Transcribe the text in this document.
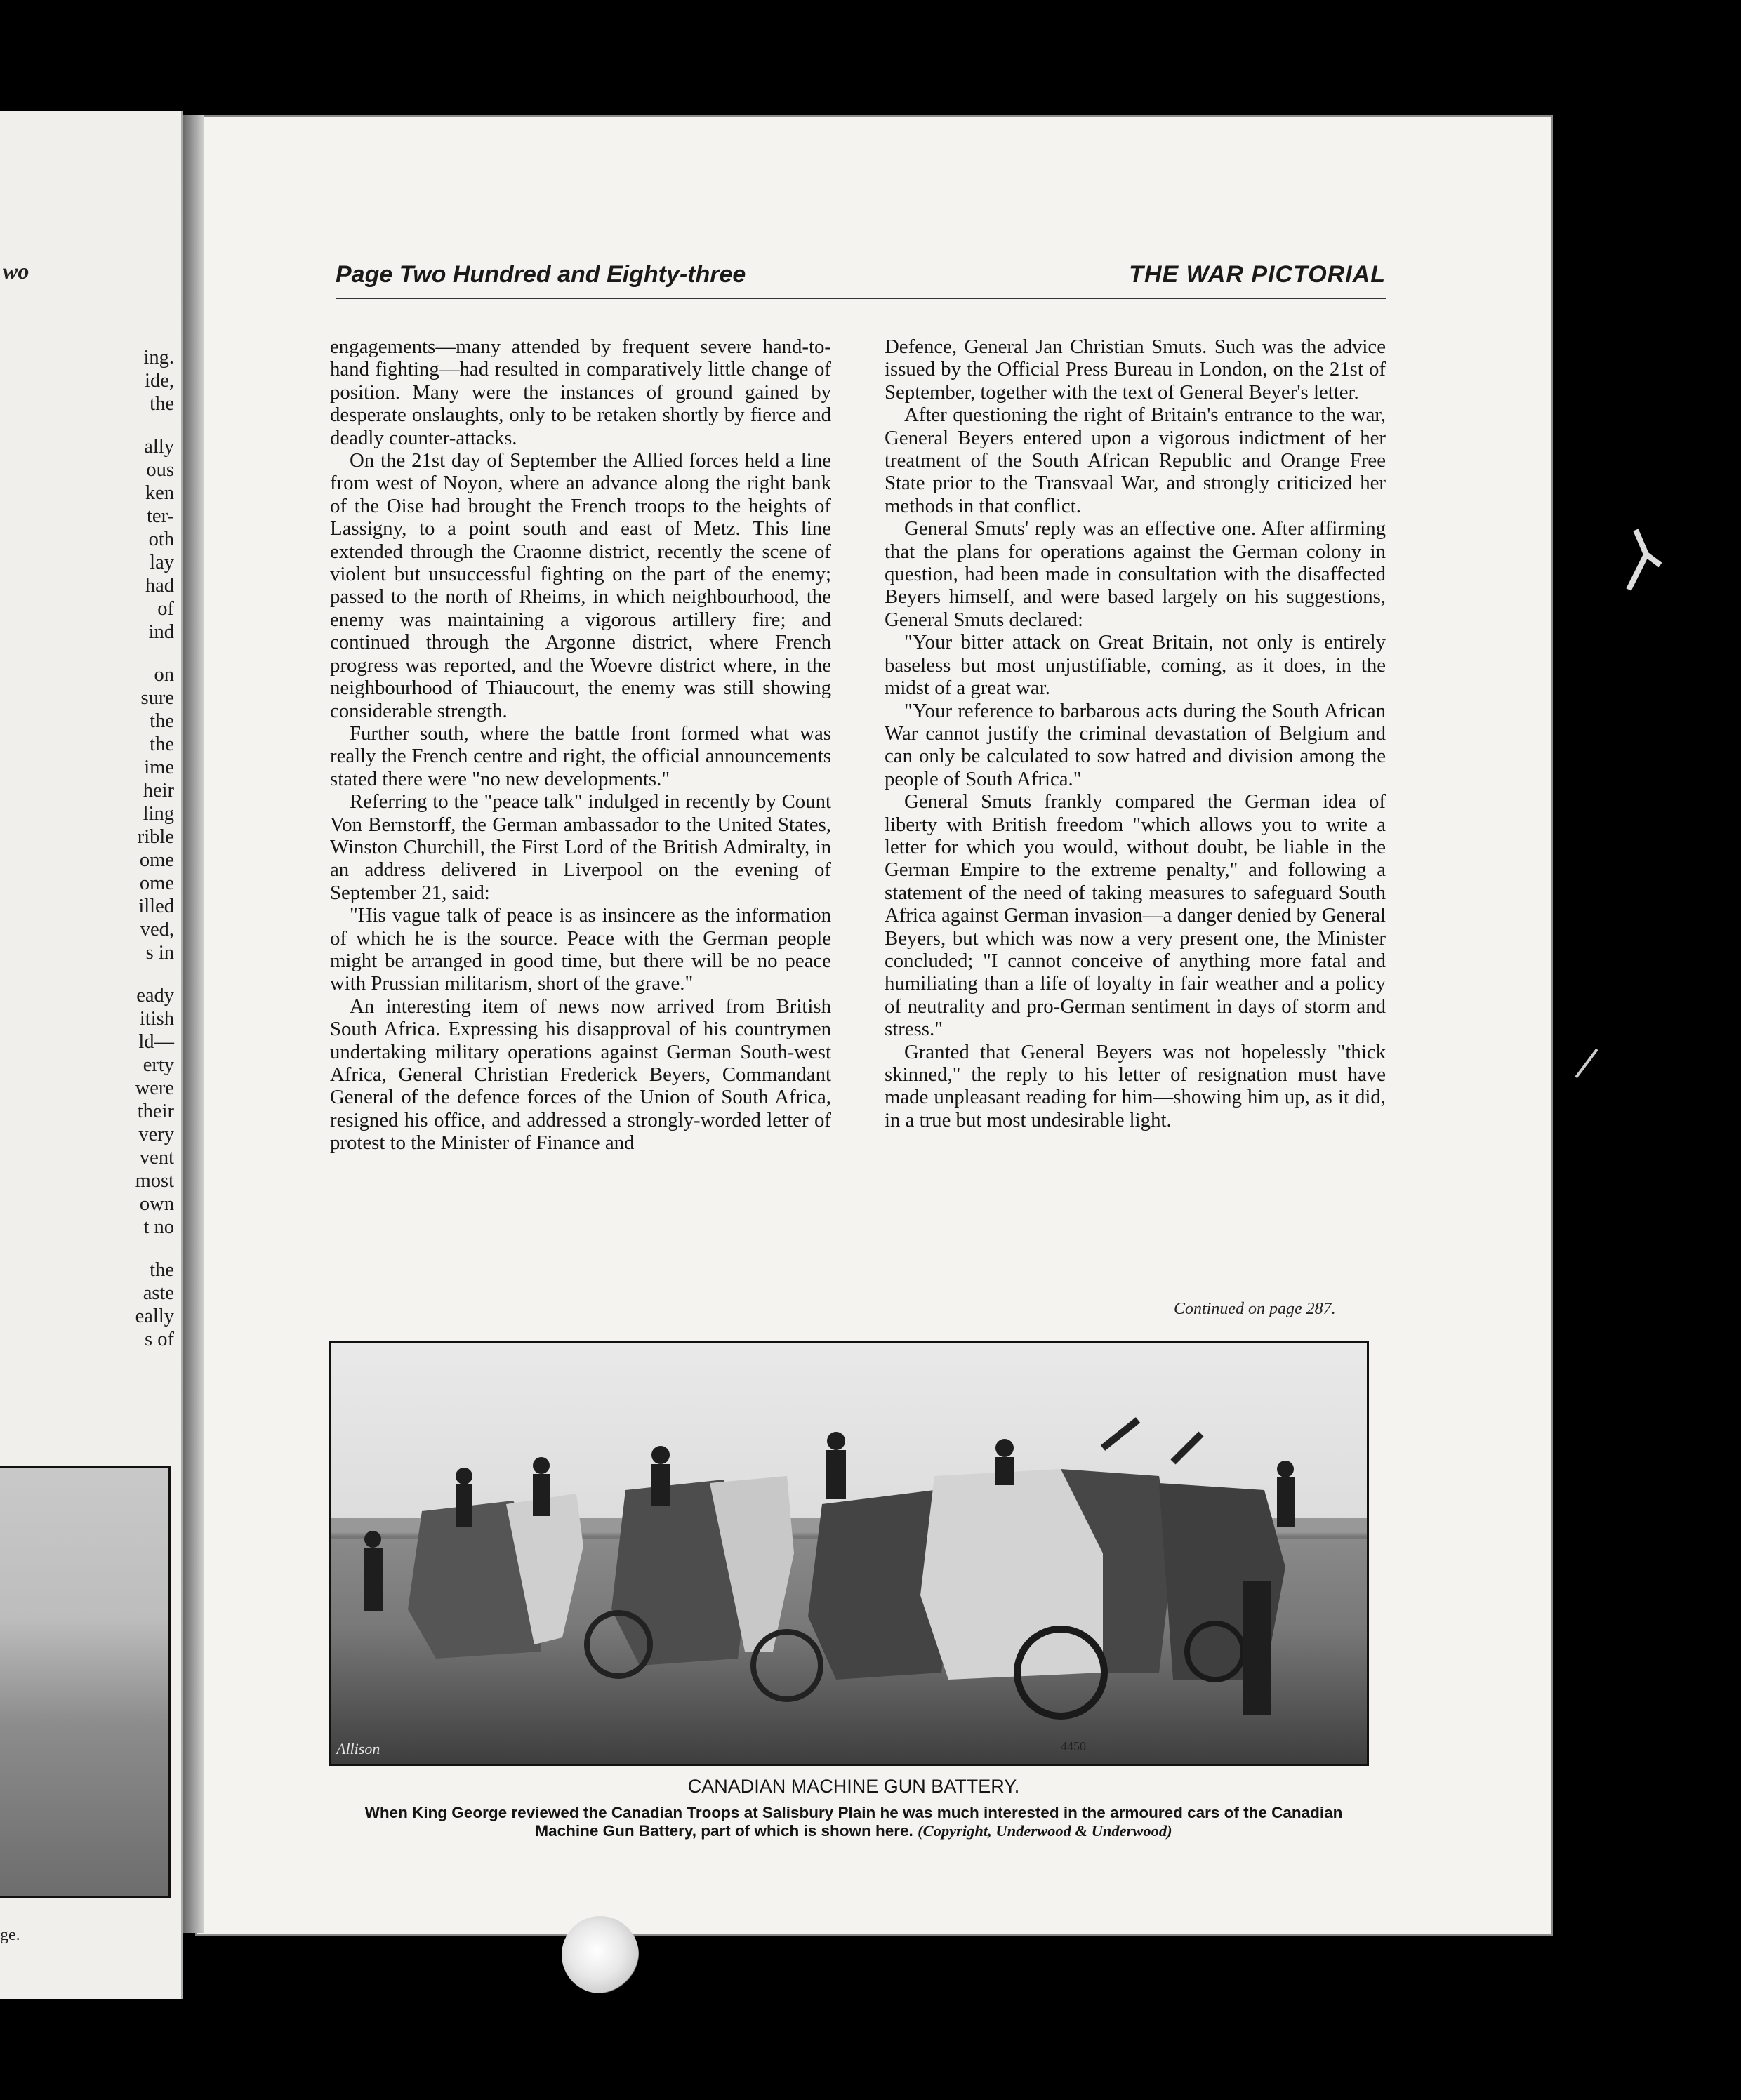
wo
ing.
ide,
the
ally
ous
ken
ter-
oth
lay
had
of
ind
on
sure
the
the
ime
heir
ling
rible
ome
ome
illed
ved,
s in
eady
itish
ld—
erty
were
their
very
vent
most
own
t no
the
aste
eally
s of
ge.
Page Two Hundred and Eighty-three	THE WAR PICTORIAL

engagements—many attended by frequent severe hand-to-hand fighting—had resulted in comparatively little change of position. Many were the instances of ground gained by desperate onslaughts, only to be retaken shortly by fierce and deadly counter-attacks.

On the 21st day of September the Allied forces held a line from west of Noyon, where an advance along the right bank of the Oise had brought the French troops to the heights of Lassigny, to a point south and east of Metz. This line extended through the Craonne district, recently the scene of violent but unsuccessful fighting on the part of the enemy; passed to the north of Rheims, in which neighbourhood, the enemy was maintaining a vigorous artillery fire; and continued through the Argonne district, where French progress was reported, and the Woevre district where, in the neighbourhood of Thiaucourt, the enemy was still showing considerable strength.

Further south, where the battle front formed what was really the French centre and right, the official announcements stated there were "no new developments."

Referring to the "peace talk" indulged in recently by Count Von Bernstorff, the German ambassador to the United States, Winston Churchill, the First Lord of the British Admiralty, in an address delivered in Liverpool on the evening of September 21, said:

"His vague talk of peace is as insincere as the information of which he is the source. Peace with the German people might be arranged in good time, but there will be no peace with Prussian militarism, short of the grave."

An interesting item of news now arrived from British South Africa. Expressing his disapproval of his countrymen undertaking military operations against German South-west Africa, General Christian Frederick Beyers, Commandant General of the defence forces of the Union of South Africa, resigned his office, and addressed a strongly-worded letter of protest to the Minister of Finance and

Defence, General Jan Christian Smuts. Such was the advice issued by the Official Press Bureau in London, on the 21st of September, together with the text of General Beyer's letter.

After questioning the right of Britain's entrance to the war, General Beyers entered upon a vigorous indictment of her treatment of the South African Republic and Orange Free State prior to the Transvaal War, and strongly criticized her methods in that conflict.

General Smuts' reply was an effective one. After affirming that the plans for operations against the German colony in question, had been made in consultation with the disaffected Beyers himself, and were based largely on his suggestions, General Smuts declared:

"Your bitter attack on Great Britain, not only is entirely baseless but most unjustifiable, coming, as it does, in the midst of a great war.

"Your reference to barbarous acts during the South African War cannot justify the criminal devastation of Belgium and can only be calculated to sow hatred and division among the people of South Africa."

General Smuts frankly compared the German idea of liberty with British freedom "which allows you to write a letter for which you would, without doubt, be liable in the German Empire to the extreme penalty," and following a statement of the need of taking measures to safeguard South Africa against German invasion—a danger denied by General Beyers, but which was now a very present one, the Minister concluded; "I cannot conceive of anything more fatal and humiliating than a life of loyalty in fair weather and a policy of neutrality and pro-German sentiment in days of storm and stress."

Granted that General Beyers was not hopelessly "thick skinned," the reply to his letter of resignation must have made unpleasant reading for him—showing him up, as it did, in a true but most undesirable light.

Continued on page 287.
Allison	4450
CANADIAN MACHINE GUN BATTERY.
When King George reviewed the Canadian Troops at Salisbury Plain he was much interested in the armoured cars of the Canadian Machine Gun Battery, part of which is shown here. (Copyright, Underwood & Underwood)
